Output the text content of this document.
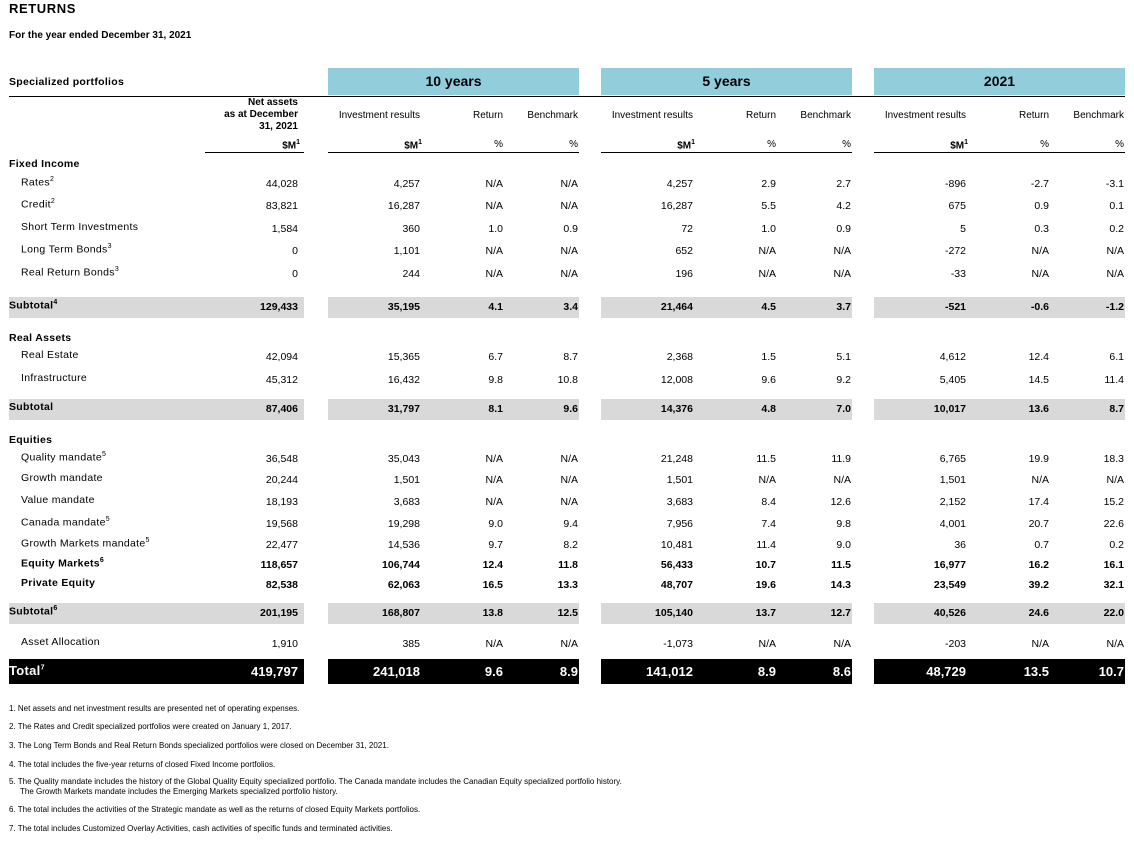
RETURNS
For the year ended December 31, 2021
Specialized portfolios	10 years	5 years	2021
Net assets
as at December
31, 2021
Investment results	Return Benchmark	Investment results	Return Benchmark	Investment results	Return Benchmark
$\$M^1$	$\$M^1$	%	%	$\$M^1$	%	%	$\$M^1$	%	%
Fixed Income
Rates$^2$	44,028	4,257	N/A	N/A	4,257	2.9	2.7	-896	-2.7	-3.1
Credit$^2$	83,821	16,287	N/A	N/A	16,287	5.5	4.2	675	0.9	0.1
Short Term Investments	1,584	360	1.0	0.9	72	1.0	0.9	5	0.3	0.2
Long Term Bonds$^3$	0	1,101	N/A	N/A	652	N/A	N/A	-272	N/A	N/A
Real Return Bonds$^3$	0	244	N/A	N/A	196	N/A	N/A	-33	N/A	N/A
Subtotal$^4$	129,433	35,195	4.1	3.4	21,464	4.5	3.7	-521	-0.6	-1.2
Real Assets
Real Estate	42,094	15,365	6.7	8.7	2,368	1.5	5.1	4,612	12.4	6.1
Infrastructure	45,312	16,432	9.8	10.8	12,008	9.6	9.2	5,405	14.5	11.4
Subtotal	87,406	31,797	8.1	9.6	14,376	4.8	7.0	10,017	13.6	8.7
Equities
Quality mandate$^5$	36,548	35,043	N/A	N/A	21,248	11.5	11.9	6,765	19.9	18.3
Growth mandate	20,244	1,501	N/A	N/A	1,501	N/A	N/A	1,501	N/A	N/A
Value mandate	18,193	3,683	N/A	N/A	3,683	8.4	12.6	2,152	17.4	15.2
Canada mandate$^5$	19,568	19,298	9.0	9.4	7,956	7.4	9.8	4,001	20.7	22.6
Growth Markets mandate$^5$	22,477	14,536	9.7	8.2	10,481	11.4	9.0	36	0.7	0.2
Equity Markets$^6$	118,657	106,744	12.4	11.8	56,433	10.7	11.5	16,977	16.2	16.1
Private Equity	82,538	62,063	16.5	13.3	48,707	19.6	14.3	23,549	39.2	32.1
Subtotal$^6$	201,195	168,807	13.8	12.5	105,140	13.7	12.7	40,526	24.6	22.0
Asset Allocation	1,910	385	N/A	N/A	-1,073	N/A	N/A	-203	N/A	N/A
Total$^7$	419,797	241,018	9.6	8.9	141,012	8.9	8.6	48,729	13.5	10.7
1. Net assets and net investment results are presented net of operating expenses.
2. The Rates and Credit specialized portfolios were created on January 1, 2017.
3. The Long Term Bonds and Real Return Bonds specialized portfolios were closed on December 31, 2021.
4. The total includes the five-year returns of closed Fixed Income portfolios.
5. The Quality mandate includes the history of the Global Quality Equity specialized portfolio. The Canada mandate includes the Canadian Equity specialized portfolio history.
The Growth Markets mandate includes the Emerging Markets specialized portfolio history.
6. The total includes the activities of the Strategic mandate as well as the returns of closed Equity Markets portfolios.
7. The total includes Customized Overlay Activities, cash activities of specific funds and terminated activities.
